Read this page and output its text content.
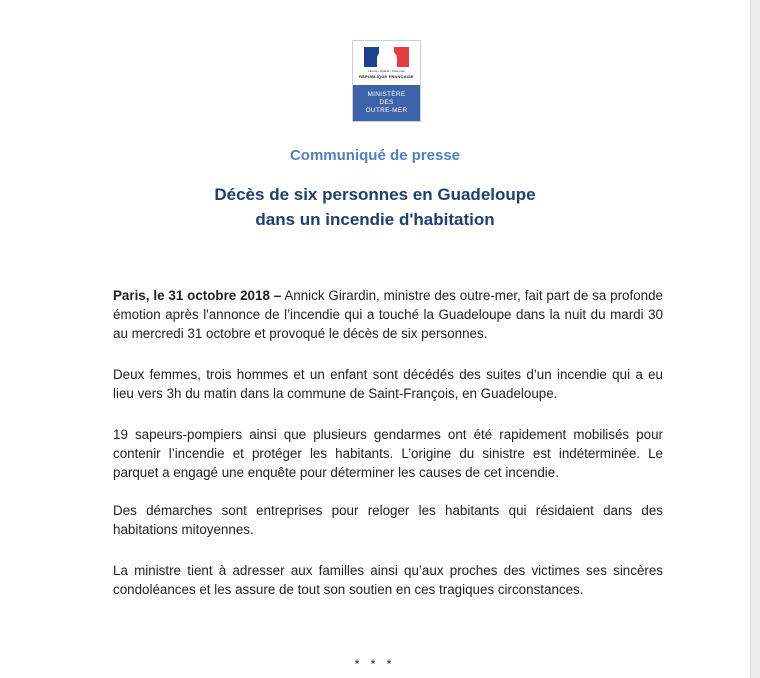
Liberté • Égalité • Fraternité
RÉPUBLIQUE FRANÇAISE
MINISTÈRE
DES
OUTRE-MER
Communiqué de presse
Décès de six personnes en Guadeloupe
dans un incendie d'habitation
Paris, le 31 octobre 2018 – Annick Girardin, ministre des outre-mer, fait part de sa profonde émotion après l'annonce de l’incendie qui a touché la Guadeloupe dans la nuit du mardi 30 au mercredi 31 octobre et provoqué le décès de six personnes.
Deux femmes, trois hommes et un enfant sont décédés des suites d’un incendie qui a eu lieu vers 3h du matin dans la commune de Saint-François, en Guadeloupe.
19 sapeurs-pompiers ainsi que plusieurs gendarmes ont été rapidement mobilisés pour contenir l’incendie et protéger les habitants. L’origine du sinistre est indéterminée. Le parquet a engagé une enquête pour déterminer les causes de cet incendie.
Des démarches sont entreprises pour reloger les habitants qui résidaient dans des habitations mitoyennes.
La ministre tient à adresser aux familles ainsi qu’aux proches des victimes ses sincères condoléances et les assure de tout son soutien en ces tragiques circonstances.
* * *
